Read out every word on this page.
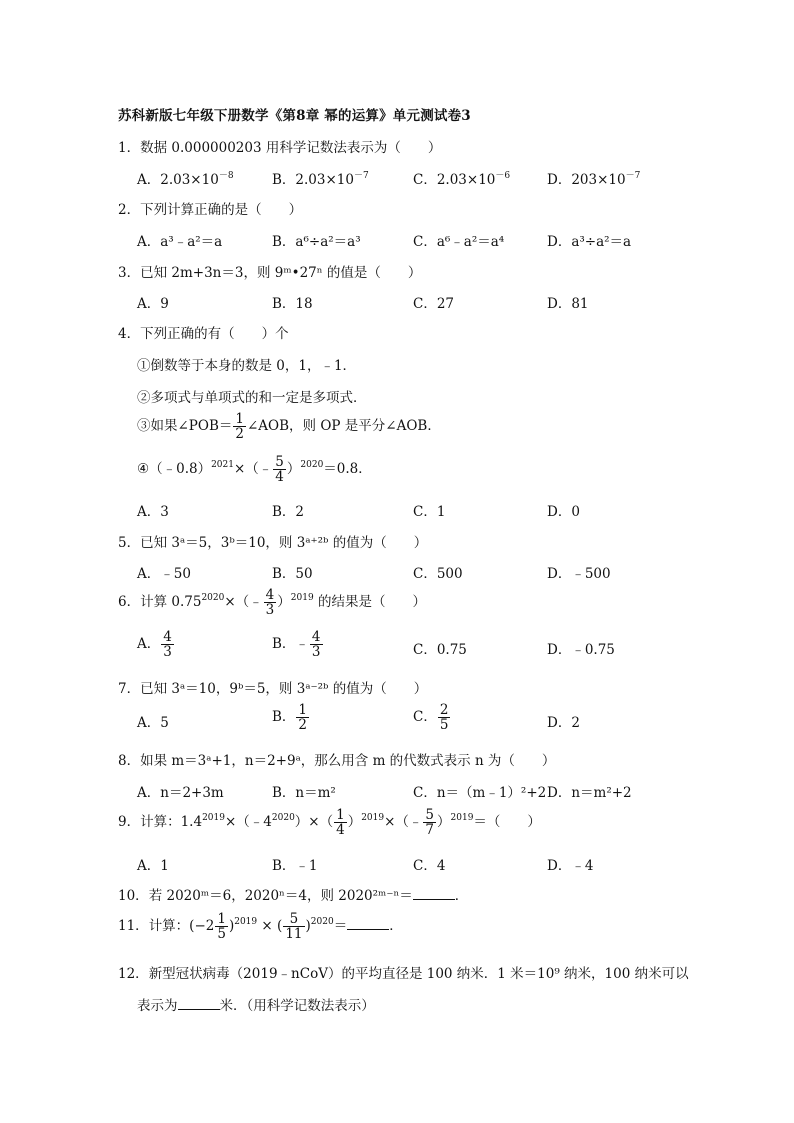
苏科新版七年级下册数学《第8章 幂的运算》单元测试卷3
1．数据 0.000000203 用科学记数法表示为（　　）
A．$2.03\times 10^{-8}$	B．$2.03\times 10^{-7}$	C．$2.03\times 10^{-6}$	D．$203\times 10^{-7}$
2．下列计算正确的是（　　）
A．a³﹣a²＝a	B．a⁶÷a²＝a³	C．a⁶﹣a²＝a⁴	D．a³÷a²＝a
3．已知 2m+3n＝3，则 9ᵐ•27ⁿ 的值是（　　）
A．9	B．18	C．27	D．81
4．下列正确的有（　　）个
①倒数等于本身的数是 0，1，﹣1．
②多项式与单项式的和一定是多项式．
③如果∠POB＝ $\frac{1}{2}$ ∠AOB，则 OP 是平分∠AOB．
④（﹣0.8）$^{2021}$×（﹣ $\frac{5}{4} )^{2020}=0.8$．
A．3	B．2	C．1	D．0
5．已知 3ᵃ＝5，3ᵇ＝10，则 3ᵃ⁺²ᵇ 的值为（　　）
A．﹣50	B．50	C．500	D．﹣500
6．计算 $0.75^{2020}\times(﹣ \frac{4}{3} )^{2019}$ 的结果是（　　）
A． $\frac{4}{3}$	B．﹣ $\frac{4}{3}$	C．0.75	D．﹣0.75
7．已知 3ᵃ＝10，9ᵇ＝5，则 3ᵃ⁻²ᵇ 的值为（　　）
A．5	B． $\frac{1}{2}$	C． $\frac{2}{5}$	D．2
8．如果 m＝3ᵃ+1，n＝2+9ᵃ，那么用含 m 的代数式表示 n 为（　　）
A．n＝2+3m	B．n＝m²	C．n＝（m﹣1）²+2 D．n＝m²+2
9．计算：$1.4^{2019}\times(﹣4^{2020})\times( \frac{1}{4}$ ）$^{2019}$×（﹣ $\frac{5}{7} )^{2019}=$（　　）
A．1	B．﹣1	C．4	D．﹣4
10．若 2020ᵐ＝6，2020ⁿ＝4，则 2020²ᵐ⁻ⁿ＝	．
11．计算：$(-2 \frac{1}{5} )^{2019}$ × ( $\frac{5}{11} )^{2020}=$	．
12．新型冠状病毒（2019﹣nCoV）的平均直径是 100 纳米．1 米＝10⁹ 纳米，100 纳米可以
表示为	米．（用科学记数法表示）
